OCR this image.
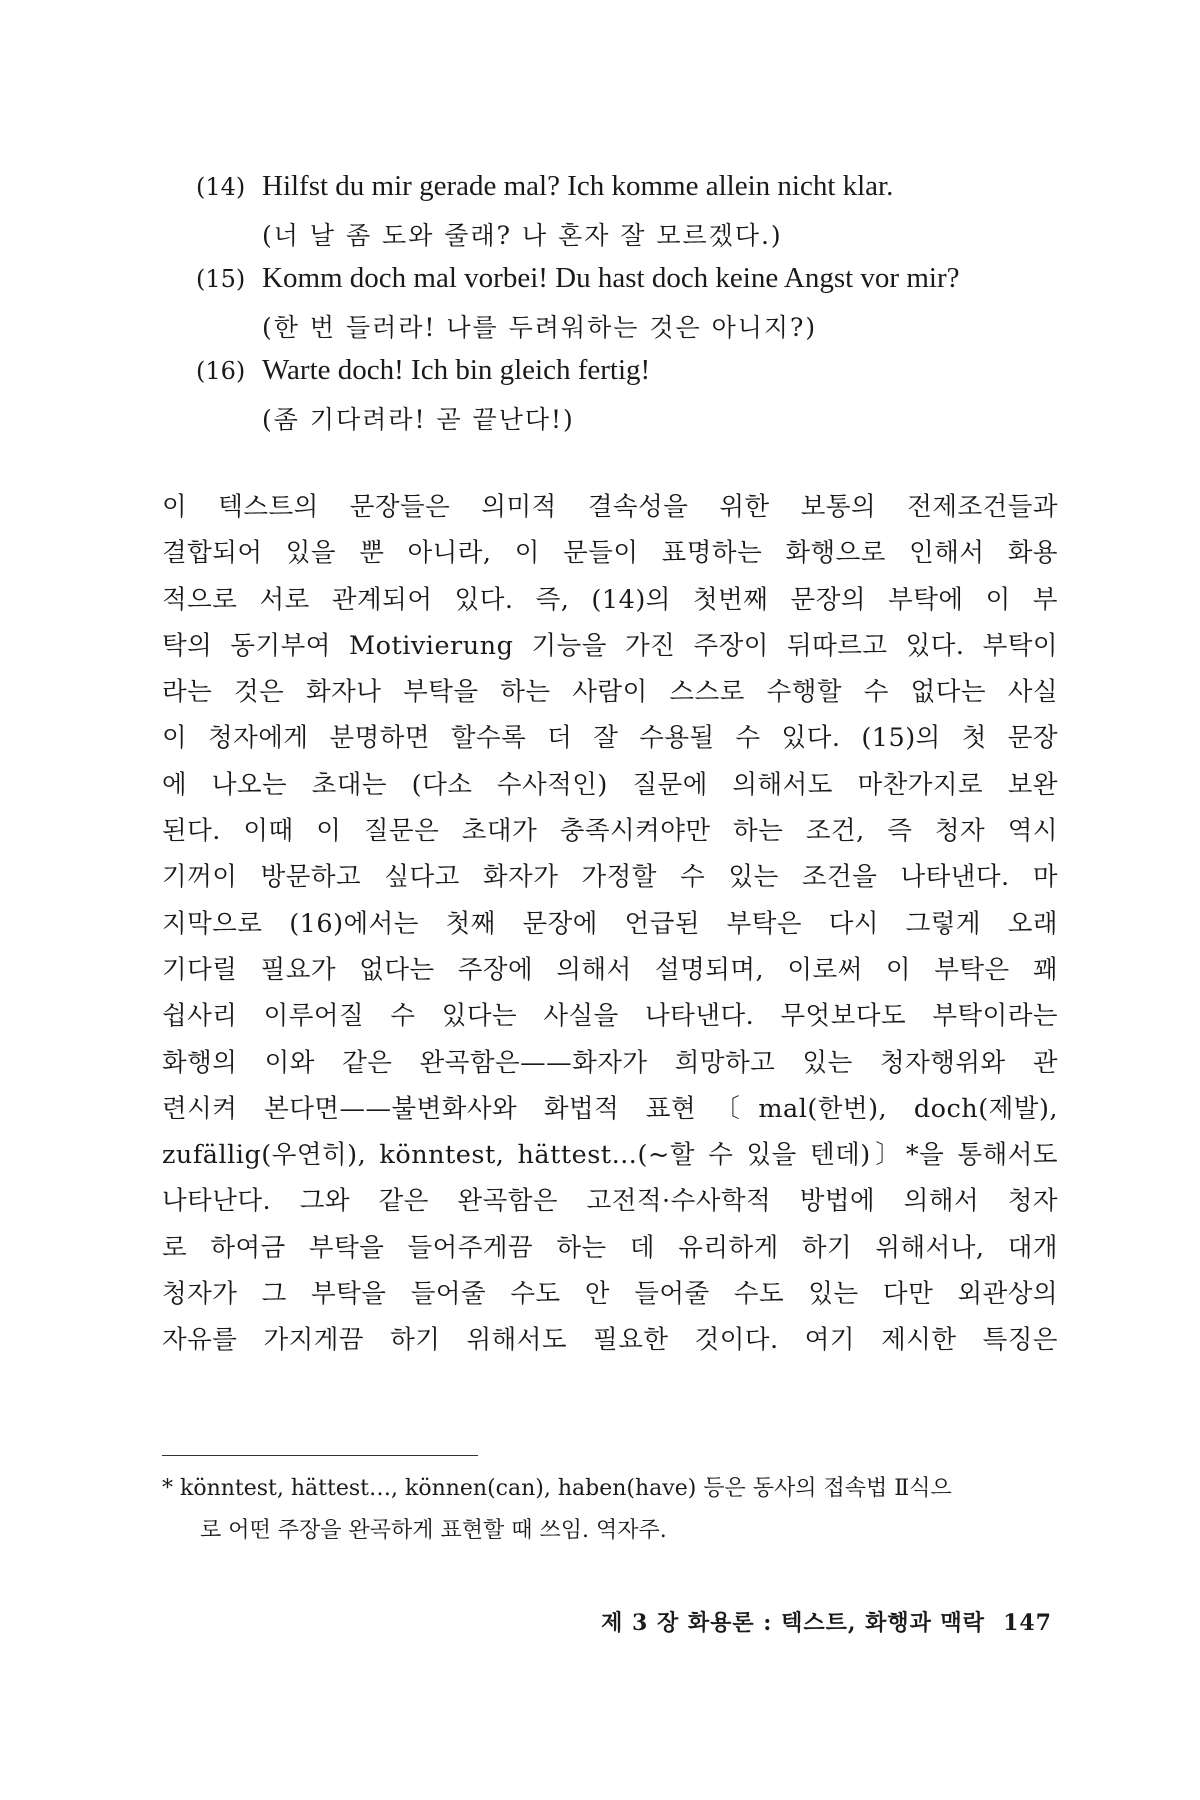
(14) Hilfst du mir gerade mal? Ich komme allein nicht klar.
(너 날 좀 도와 줄래? 나 혼자 잘 모르겠다.)
(15) Komm doch mal vorbei! Du hast doch keine Angst vor mir?
(한 번 들러라! 나를 두려워하는 것은 아니지?)
(16) Warte doch! Ich bin gleich fertig!
(좀 기다려라! 곧 끝난다!)
이 텍스트의 문장들은 의미적 결속성을 위한 보통의 전제조건들과
결합되어 있을 뿐 아니라, 이 문들이 표명하는 화행으로 인해서 화용
적으로 서로 관계되어 있다. 즉, (14)의 첫번째 문장의 부탁에 이 부
탁의 동기부여 Motivierung 기능을 가진 주장이 뒤따르고 있다. 부탁이
라는 것은 화자나 부탁을 하는 사람이 스스로 수행할 수 없다는 사실
이 청자에게 분명하면 할수록 더 잘 수용될 수 있다. (15)의 첫 문장
에 나오는 초대는 (다소 수사적인) 질문에 의해서도 마찬가지로 보완
된다. 이때 이 질문은 초대가 충족시켜야만 하는 조건, 즉 청자 역시
기꺼이 방문하고 싶다고 화자가 가정할 수 있는 조건을 나타낸다. 마
지막으로 (16)에서는 첫째 문장에 언급된 부탁은 다시 그렇게 오래
기다릴 필요가 없다는 주장에 의해서 설명되며, 이로써 이 부탁은 꽤
쉽사리 이루어질 수 있다는 사실을 나타낸다. 무엇보다도 부탁이라는
화행의 이와 같은 완곡함은——화자가 희망하고 있는 청자행위와 관
련시켜 본다면——불변화사와 화법적 표현〔mal(한번), doch(제발),
zufällig(우연히), könntest, hättest…(~할 수 있을 텐데)〕*을 통해서도
나타난다. 그와 같은 완곡함은 고전적·수사학적 방법에 의해서 청자
로 하여금 부탁을 들어주게끔 하는 데 유리하게 하기 위해서나, 대개
청자가 그 부탁을 들어줄 수도 안 들어줄 수도 있는 다만 외관상의
자유를 가지게끔 하기 위해서도 필요한 것이다. 여기 제시한 특징은
* könntest, hättest…, können(can), haben(have) 등은 동사의 접속법 Ⅱ식으
로 어떤 주장을 완곡하게 표현할 때 쓰임. 역자주.
제 3 장 화용론 : 텍스트, 화행과 맥락 147
